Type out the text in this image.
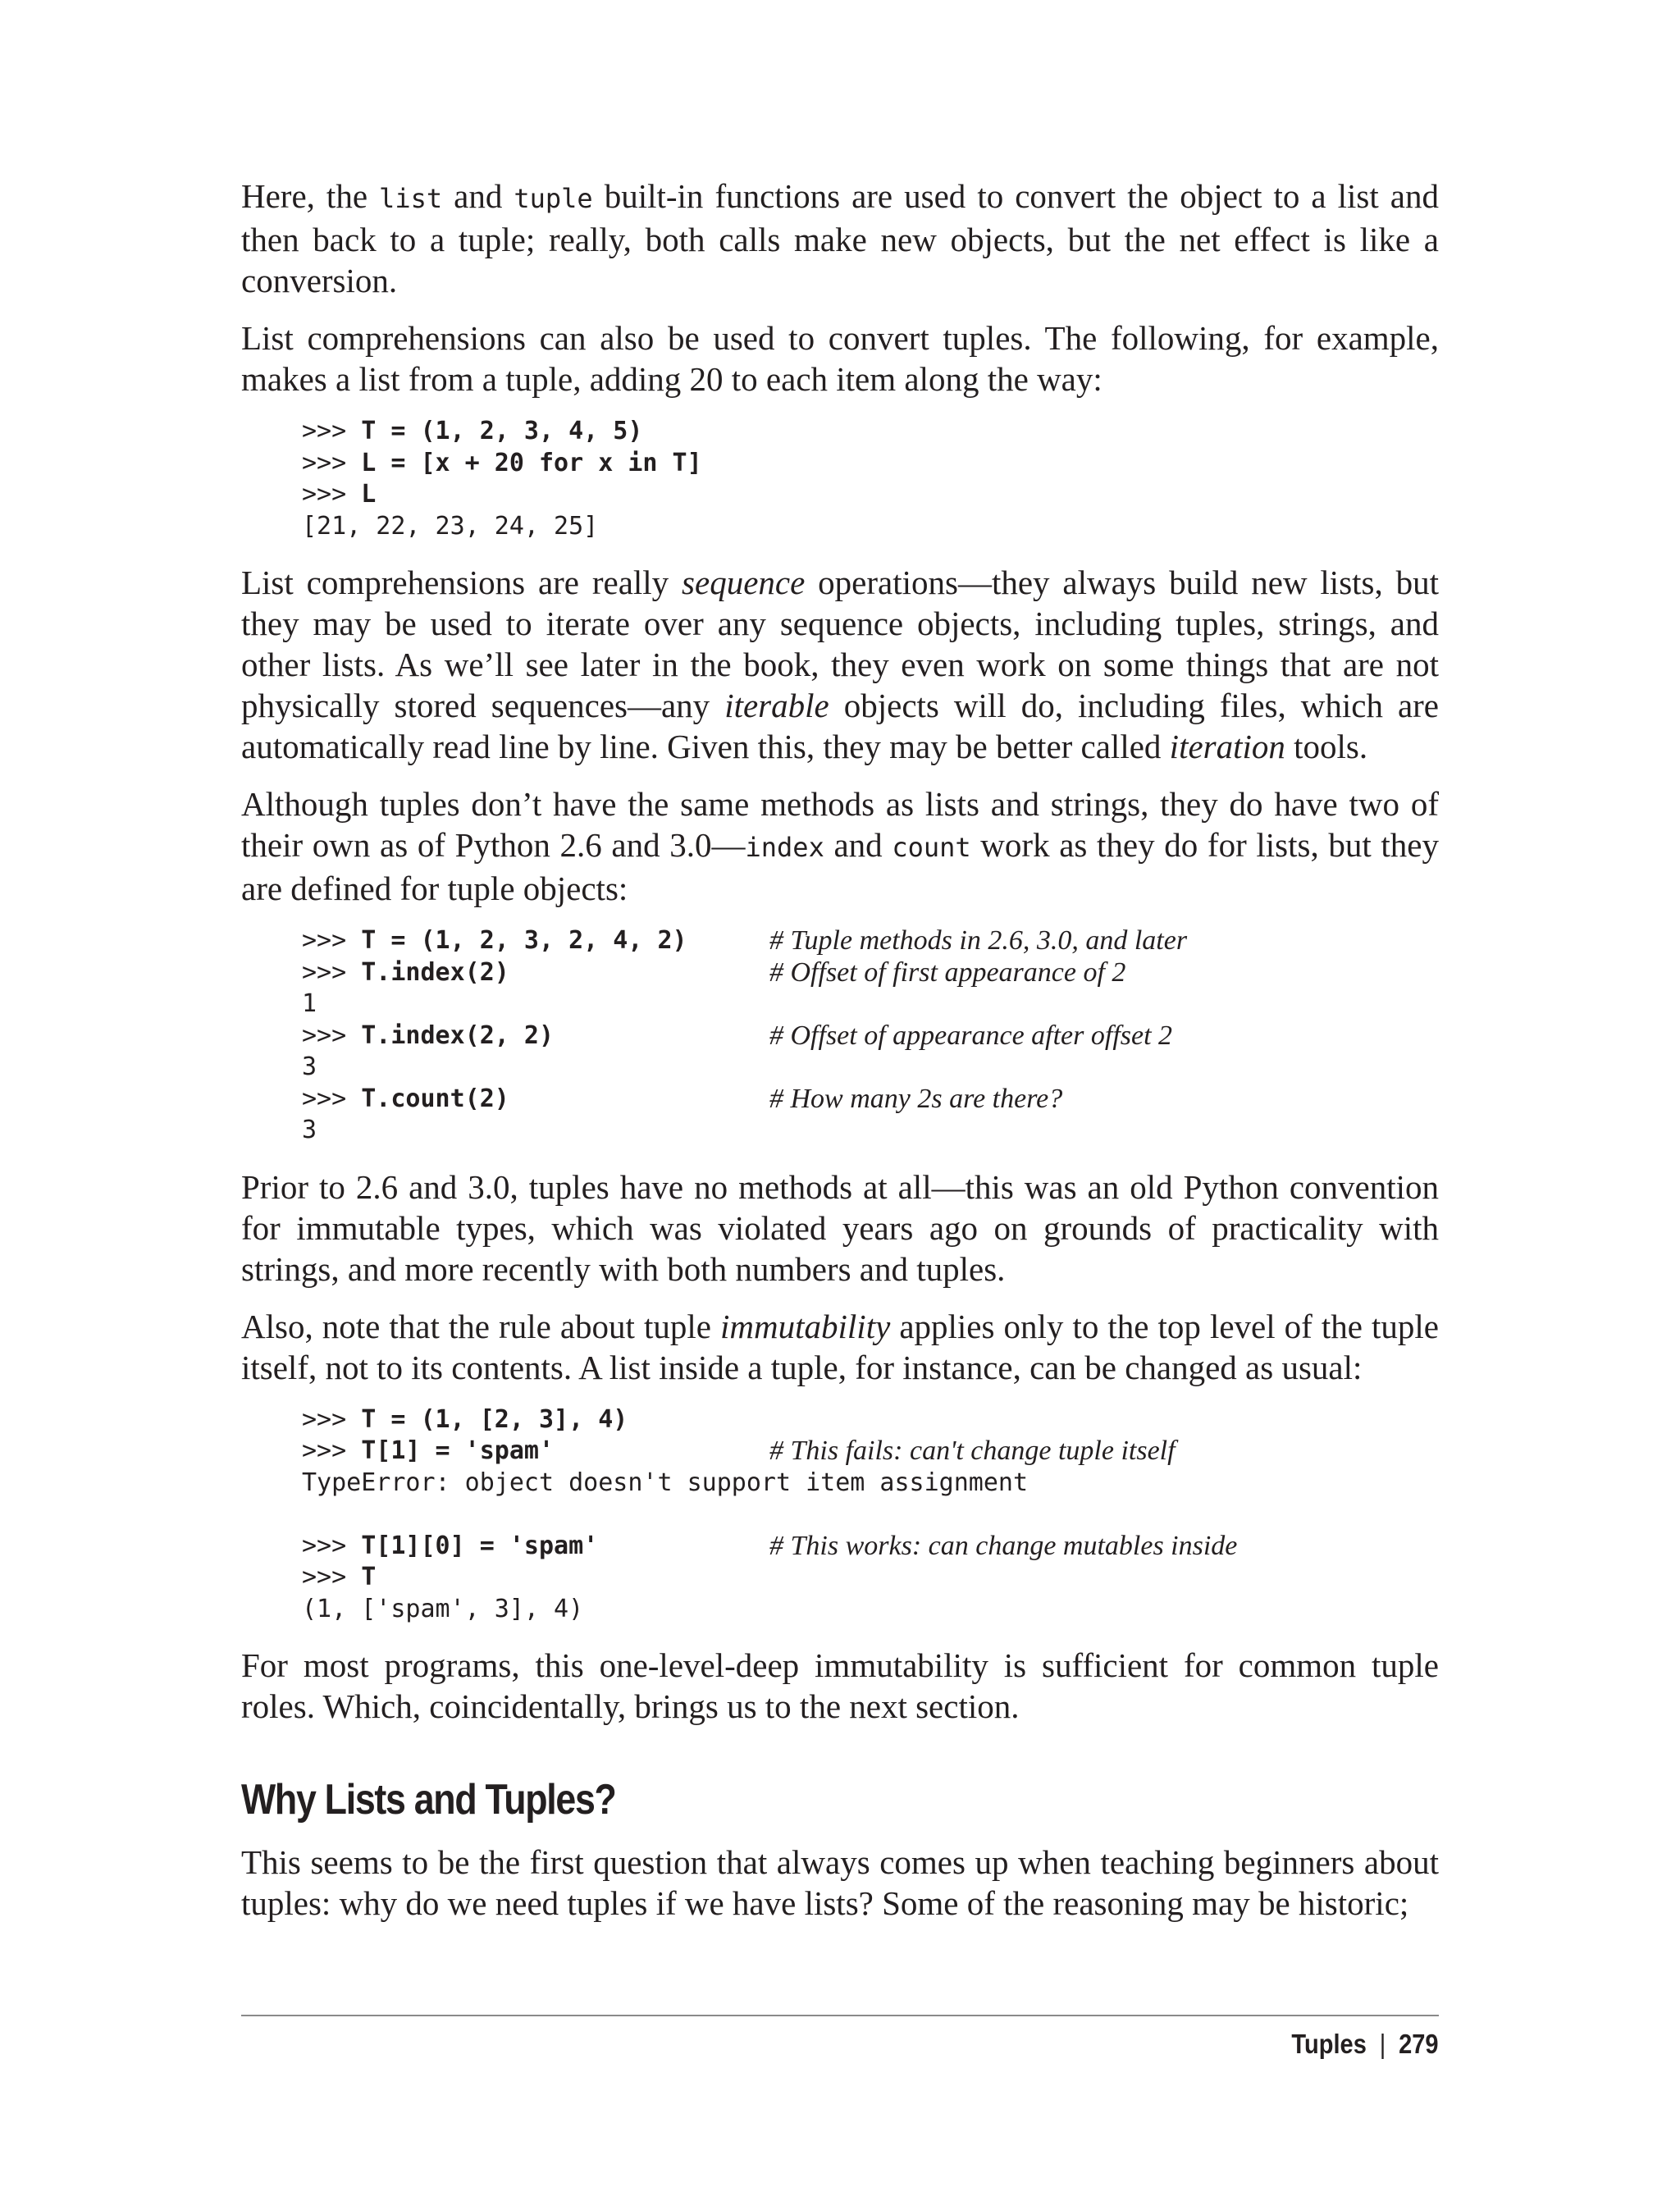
Here, the list and tuple built-in functions are used to convert the object to a list and then back to a tuple; really, both calls make new objects, but the net effect is like a conversion.

List comprehensions can also be used to convert tuples. The following, for example, makes a list from a tuple, adding 20 to each item along the way:

>>> T = (1, 2, 3, 4, 5)
>>> L = [x + 20 for x in T]
>>> L
[21, 22, 23, 24, 25]

List comprehensions are really sequence operations—they always build new lists, but they may be used to iterate over any sequence objects, including tuples, strings, and other lists. As we’ll see later in the book, they even work on some things that are not physically stored sequences—any iterable objects will do, including files, which are automatically read line by line. Given this, they may be better called iteration tools.

Although tuples don’t have the same methods as lists and strings, they do have two of their own as of Python 2.6 and 3.0—index and count work as they do for lists, but they are defined for tuple objects:

>>> T = (1, 2, 3, 2, 4, 2)	# Tuple methods in 2.6, 3.0, and later
>>> T.index(2)	# Offset of first appearance of 2
1
>>> T.index(2, 2)	# Offset of appearance after offset 2
3
>>> T.count(2)	# How many 2s are there?
3

Prior to 2.6 and 3.0, tuples have no methods at all—this was an old Python convention for immutable types, which was violated years ago on grounds of practicality with strings, and more recently with both numbers and tuples.

Also, note that the rule about tuple immutability applies only to the top level of the tuple itself, not to its contents. A list inside a tuple, for instance, can be changed as usual:

>>> T = (1, [2, 3], 4)
>>> T[1] = 'spam'	# This fails: can't change tuple itself
TypeError: object doesn't support item assignment
>>> T[1][0] = 'spam'	# This works: can change mutables inside
>>> T
(1, ['spam', 3], 4)

For most programs, this one-level-deep immutability is sufficient for common tuple roles. Which, coincidentally, brings us to the next section.

Why Lists and Tuples?

This seems to be the first question that always comes up when teaching beginners about tuples: why do we need tuples if we have lists? Some of the reasoning may be historic;

Tuples | 279
